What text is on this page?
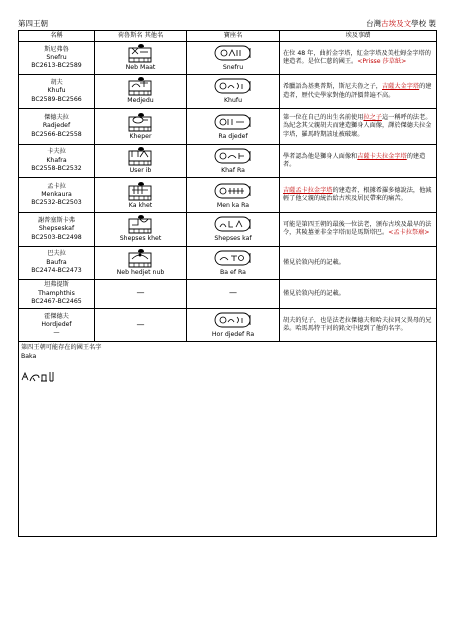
第四王朝	台灣古埃及文學校 製
名稱	荷魯斯名 其他名	寶座名	埃及事蹟

斯尼弗魯
Snefru
BC2613-BC2589	Neb Maat	Snefru	在位 48 年，曲折金字塔，紅金字塔及美杜姆金字塔的建造者。是位仁慈的國王。<Prisse 莎草紙>

胡夫
Khufu
BC2589-BC2566	Medjedu	Khufu	希臘語為基奧普斯，斯尼夫魯之子，吉薩大金字塔的建造者，歷代史學家對他的評價普遍不高。

傑德夫拉
Radjedef
BC2566-BC2558	Kheper	Ra djedef	第一位在自己的出生名前使用拉之子這一稱呼的法老。為紀念其父親胡夫而建造獅身人面像，譯於傑德夫拉金字塔，羅馬時期該址被破壞。

卡夫拉
Khafra
BC2558-BC2532	User ib	Khaf Ra	學者認為他是獅身人面像和吉薩卡夫拉金字塔的建造者。

孟卡拉
Menkaura
BC2532-BC2503	Ka khet	Men ka Ra	吉薩孟卡拉金字塔的建造者，根據希羅多德說法，他減輕了他父親的統治給古埃及居民帶來的痛苦。

謝普塞斯卡弗
Shepseskaf
BC2503-BC2498	Shepses khet	Shepses kaf	可能是第四王朝的最後一位法老，頒布古埃及最早的法令，其陵墓並非金字塔而是馬斯塔巴。<孟卡拉祭廟>

巴夫拉
Baufra
BC2474-BC2473	Neb hedjet nub	Ba ef Ra	僅見於敘內托的記載。

坦弗提斯
Thamphthis
BC2467-BC2465	—	—	僅見於敘內托的記載。

霍傑德夫
Hordjedef
—	—	Hor djedef Ra	胡夫的兒子，也是法老拉傑德夫和哈夫拉同父異母的兄弟。哈馬馬特干河的銘文中提到了他的名字。

第四王朝可能存在的國王名字
Baka			
